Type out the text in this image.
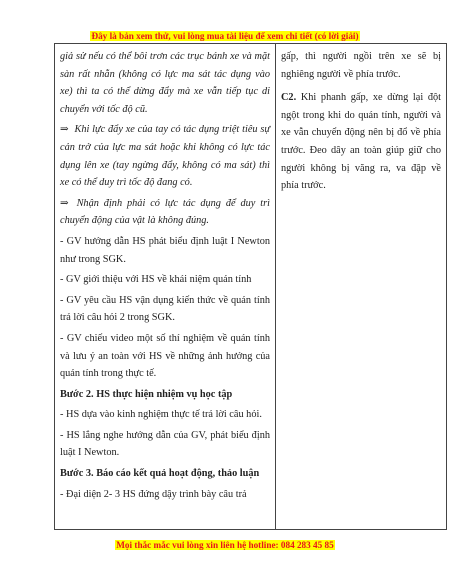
Đây là bản xem thử, vui lòng mua tài liệu để xem chi tiết (có lời giải)

giả sử nếu có thể bôi trơn các trục bánh xe và mặt sàn rất nhẵn (không có lực ma sát tác dụng vào xe) thì ta có thể dừng đẩy mà xe vẫn tiếp tục di chuyển với tốc độ cũ.

⇒ Khi lực đẩy xe của tay có tác dụng triệt tiêu sự cản trở của lực ma sát hoặc khi không có lực tác dụng lên xe (tay ngừng đẩy, không có ma sát) thì xe có thể duy trì tốc độ đang có.

⇒ Nhận định phải có lực tác dụng để duy trì chuyển động của vật là không đúng.

- GV hướng dẫn HS phát biểu định luật I Newton như trong SGK.

- GV giới thiệu với HS về khái niệm quán tính

- GV yêu cầu HS vận dụng kiến thức về quán tính trả lời câu hỏi 2 trong SGK.

- GV chiếu video một số thí nghiệm về quán tính và lưu ý an toàn với HS về những ảnh hưởng của quán tính trong thực tế.

Bước 2. HS thực hiện nhiệm vụ học tập

- HS dựa vào kinh nghiệm thực tế trả lời câu hỏi.

- HS lắng nghe hướng dẫn của GV, phát biểu định luật I Newton.

Bước 3. Báo cáo kết quả hoạt động, thảo luận

- Đại diện 2- 3 HS đứng dậy trình bày câu trả

gấp, thì người ngồi trên xe sẽ bị nghiêng người về phía trước.

C2. Khi phanh gấp, xe dừng lại đột ngột trong khi do quán tính, người và xe vẫn chuyển động nên bị đổ về phía trước. Đeo dây an toàn giúp giữ cho người không bị văng ra, va đập về phía trước.

Mọi thắc mắc vui lòng xin liên hệ hotline: 084 283 45 85
